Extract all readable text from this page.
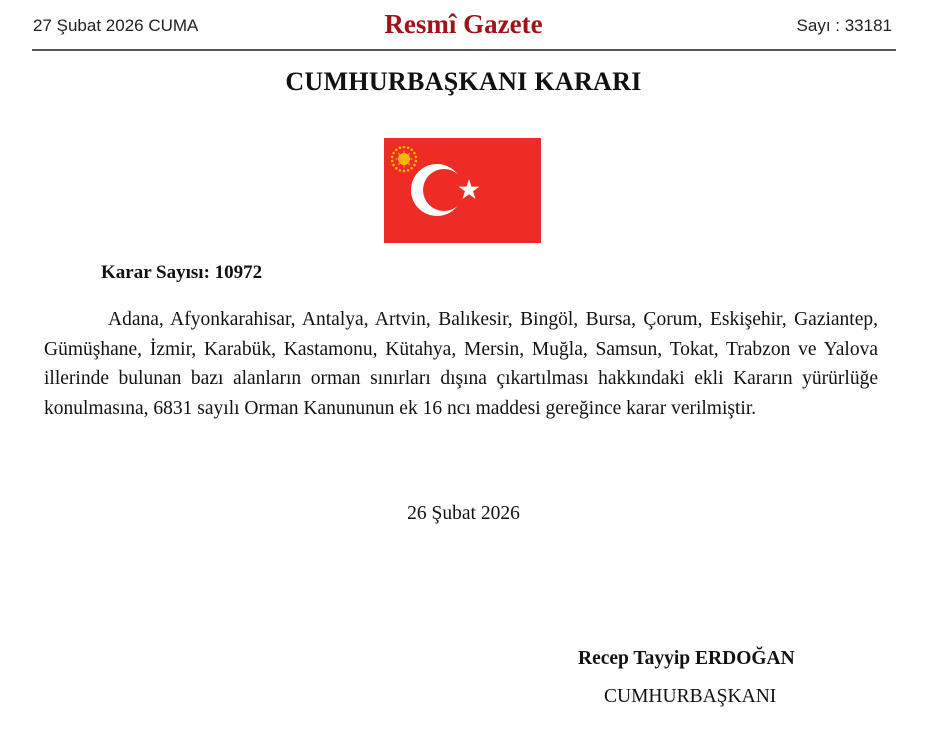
27 Şubat 2026 CUMA	Resmî Gazete	Sayı : 33181
CUMHURBAŞKANI KARARI
Karar Sayısı: 10972

Adana, Afyonkarahisar, Antalya, Artvin, Balıkesir, Bingöl, Bursa, Çorum, Eskişehir, Gaziantep, Gümüşhane, İzmir, Karabük, Kastamonu, Kütahya, Mersin, Muğla, Samsun, Tokat, Trabzon ve Yalova illerinde bulunan bazı alanların orman sınırları dışına çıkartılması hakkındaki ekli Kararın yürürlüğe konulmasına, 6831 sayılı Orman Kanununun ek 16 ncı maddesi gereğince karar verilmiştir.

26 Şubat 2026
Recep Tayyip ERDOĞAN
CUMHURBAŞKANI
